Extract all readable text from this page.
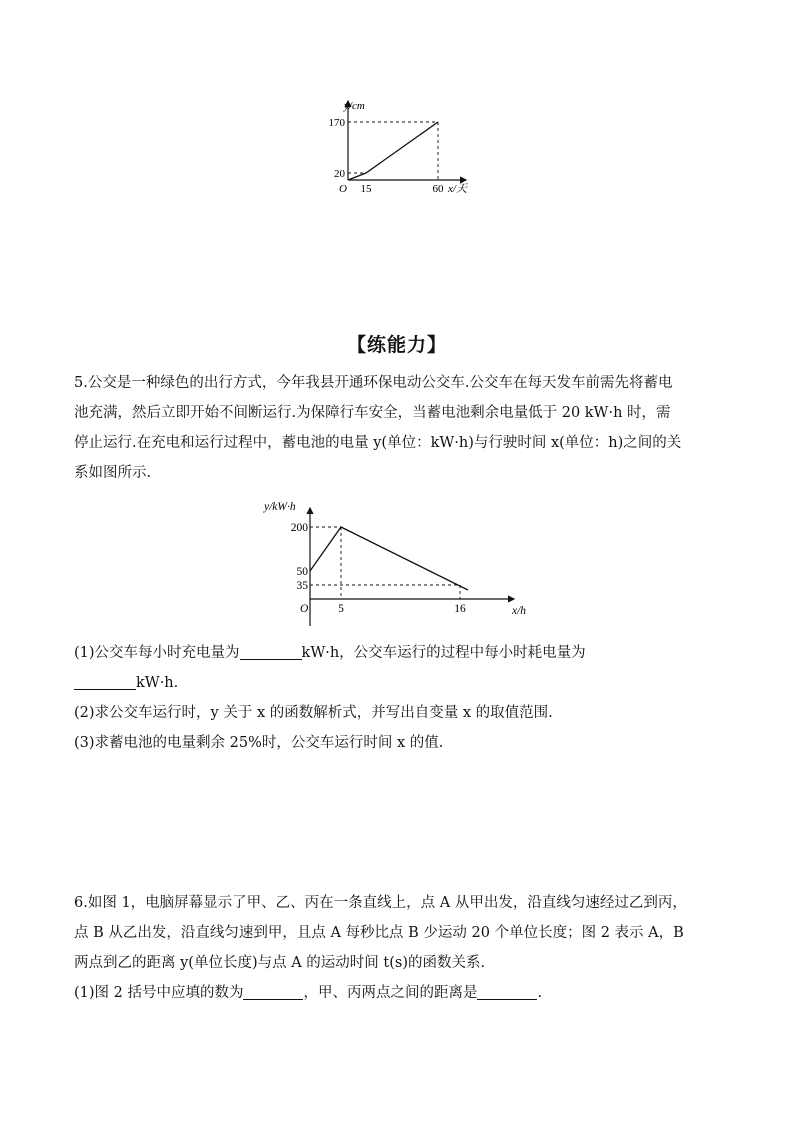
y/cm
170
20
O 15	60 x/天
【练能力】

5.公交是一种绿色的出行方式，今年我县开通环保电动公交车.公交车在每天发车前需先将蓄电

池充满，然后立即开始不间断运行.为保障行车安全，当蓄电池剩余电量低于 20 kW·h 时，需

停止运行.在充电和运行过程中，蓄电池的电量 y(单位：kW·h)与行驶时间 x(单位：h)之间的关

系如图所示.

y/kW·h
200
50
35
O	5	16	x/h

(1)公交车每小时充电量为	kW·h，公交车运行的过程中每小时耗电量为

kW·h.

(2)求公交车运行时，y 关于 x 的函数解析式，并写出自变量 x 的取值范围.

(3)求蓄电池的电量剩余 25%时，公交车运行时间 x 的值.

6.如图 1，电脑屏幕显示了甲、乙、丙在一条直线上，点 A 从甲出发，沿直线匀速经过乙到丙，

点 B 从乙出发，沿直线匀速到甲，且点 A 每秒比点 B 少运动 20 个单位长度；图 2 表示 A，B

两点到乙的距离 y(单位长度)与点 A 的运动时间 t(s)的函数关系.

(1)图 2 括号中应填的数为	，甲、丙两点之间的距离是	.
